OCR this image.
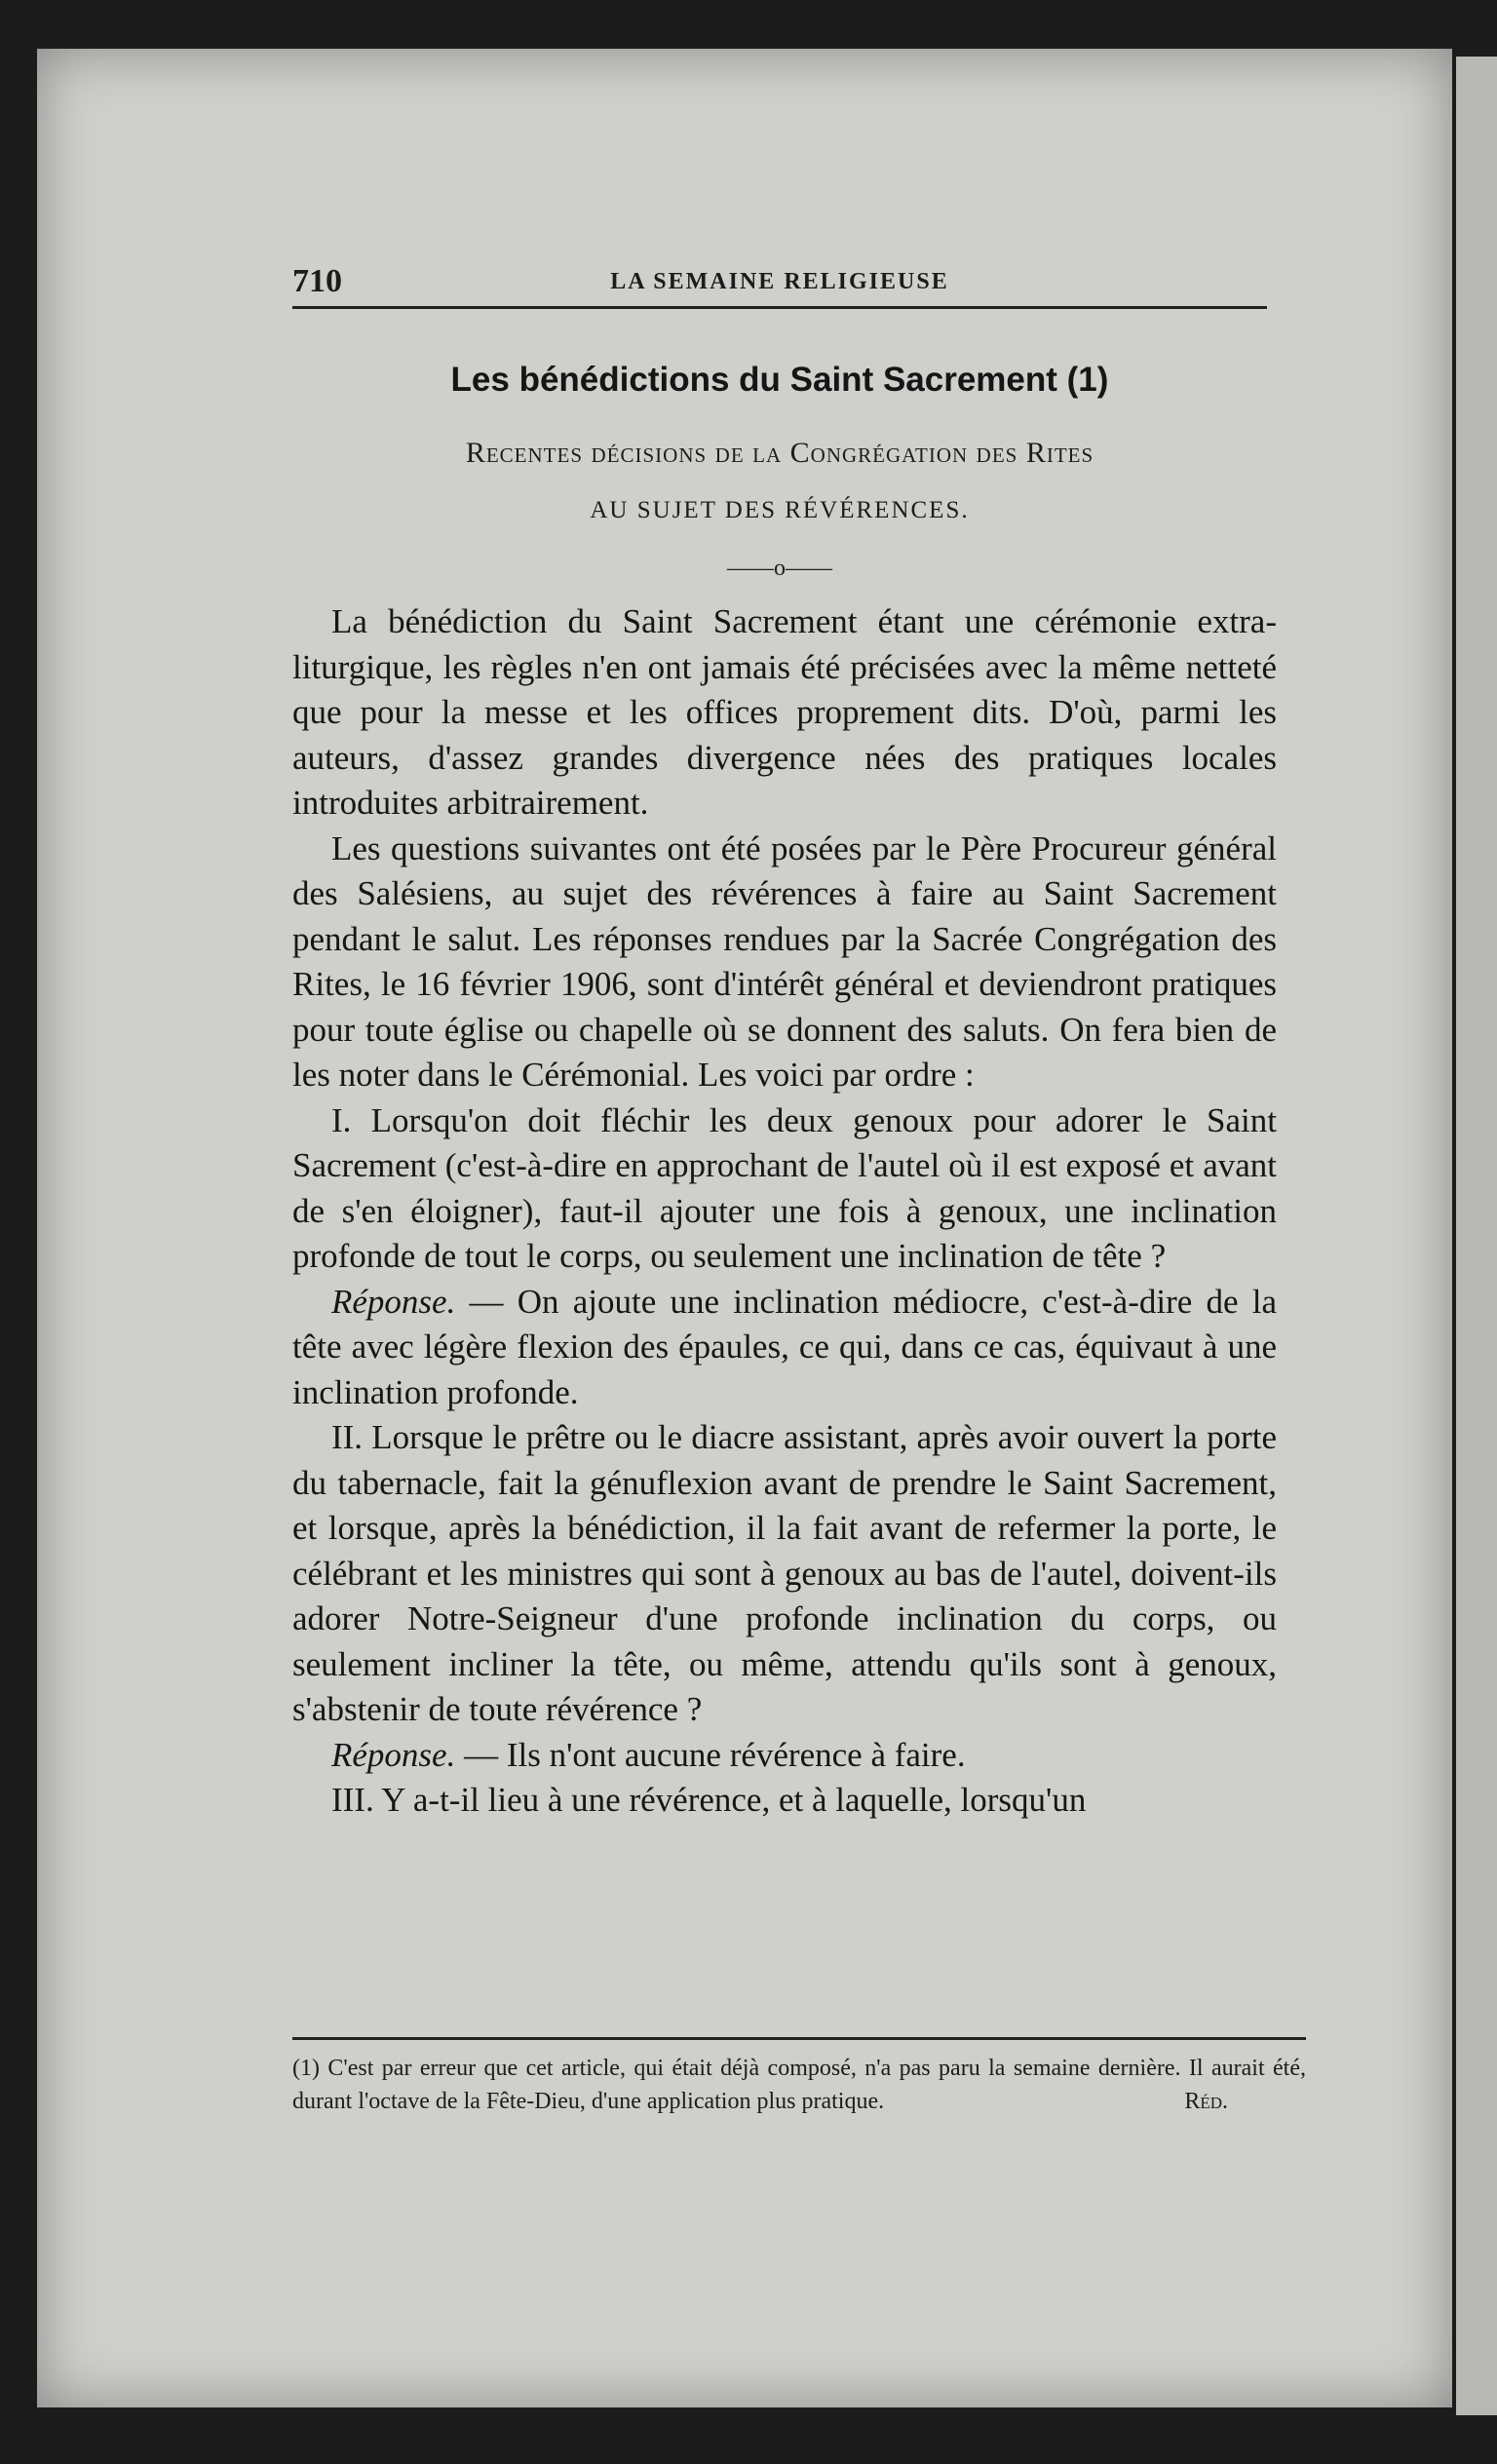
710	LA SEMAINE RELIGIEUSE
Les bénédictions du Saint Sacrement (1)
Recentes décisions de la Congrégation des Rites
AU SUJET DES RÉVÉRENCES.
——o——

La bénédiction du Saint Sacrement étant une cérémonie extra-liturgique, les règles n'en ont jamais été précisées avec la même netteté que pour la messe et les offices proprement dits. D'où, parmi les auteurs, d'assez grandes divergence nées des pratiques locales introduites arbitrairement.

Les questions suivantes ont été posées par le Père Procureur général des Salésiens, au sujet des révérences à faire au Saint Sacrement pendant le salut. Les réponses rendues par la Sacrée Congrégation des Rites, le 16 février 1906, sont d'intérêt général et deviendront pratiques pour toute église ou chapelle où se donnent des saluts. On fera bien de les noter dans le Cérémonial. Les voici par ordre :

I. Lorsqu'on doit fléchir les deux genoux pour adorer le Saint Sacrement (c'est-à-dire en approchant de l'autel où il est exposé et avant de s'en éloigner), faut-il ajouter une fois à genoux, une inclination profonde de tout le corps, ou seulement une inclination de tête ?

Réponse. — On ajoute une inclination médiocre, c'est-à-dire de la tête avec légère flexion des épaules, ce qui, dans ce cas, équivaut à une inclination profonde.

II. Lorsque le prêtre ou le diacre assistant, après avoir ouvert la porte du tabernacle, fait la génuflexion avant de prendre le Saint Sacrement, et lorsque, après la bénédiction, il la fait avant de refermer la porte, le célébrant et les ministres qui sont à genoux au bas de l'autel, doivent-ils adorer Notre-Seigneur d'une profonde inclination du corps, ou seulement incliner la tête, ou même, attendu qu'ils sont à genoux, s'abstenir de toute révérence ?

Réponse. — Ils n'ont aucune révérence à faire.

III. Y a-t-il lieu à une révérence, et à laquelle, lorsqu'un

(1) C'est par erreur que cet article, qui était déjà composé, n'a pas paru la semaine dernière. Il aurait été, durant l'octave de la Fête-Dieu, d'une application plus pratique.	Réd.
